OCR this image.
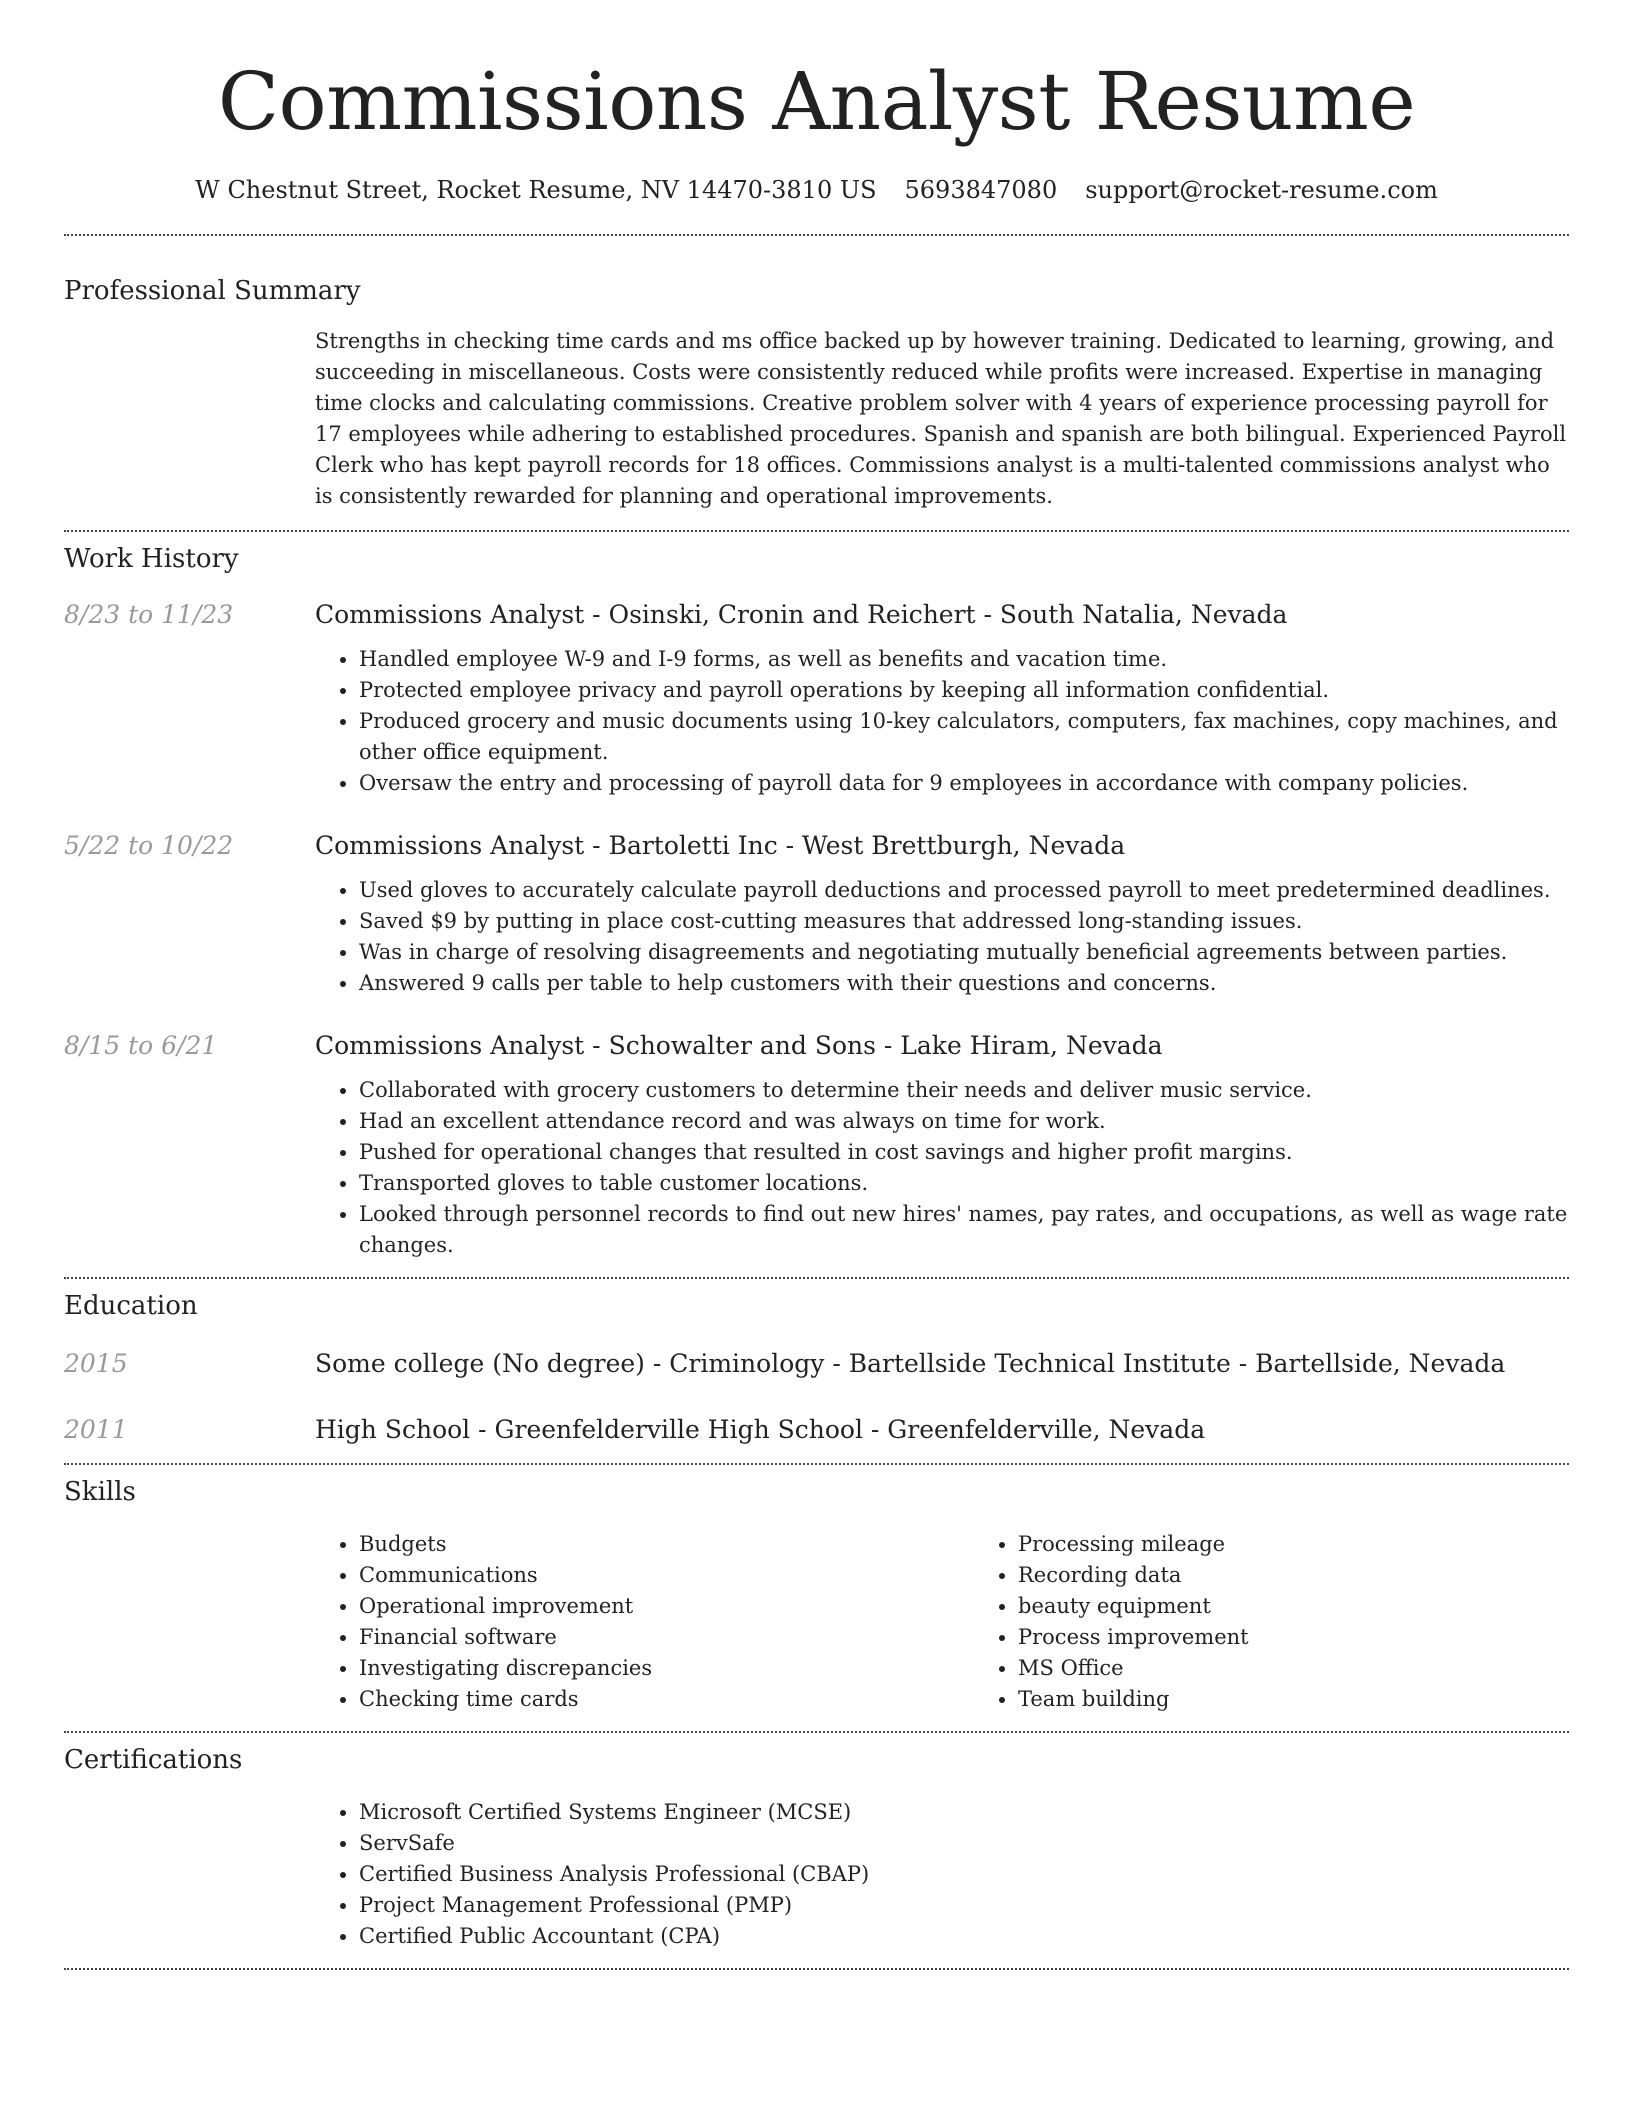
Commissions Analyst Resume
W Chestnut Street, Rocket Resume, NV 14470-3810 US 5693847080 support@rocket-resume.com
Professional Summary

Strengths in checking time cards and ms office backed up by however training. Dedicated to learning, growing, and succeeding in miscellaneous. Costs were consistently reduced while profits were increased. Expertise in managing time clocks and calculating commissions. Creative problem solver with 4 years of experience processing payroll for 17 employees while adhering to established procedures. Spanish and spanish are both bilingual. Experienced Payroll Clerk who has kept payroll records for 18 offices. Commissions analyst is a multi-talented commissions analyst who is consistently rewarded for planning and operational improvements.

Work History
8/23 to 11/23	Commissions Analyst - Osinski, Cronin and Reichert - South Natalia, Nevada
• Handled employee W-9 and I-9 forms, as well as benefits and vacation time.
• Protected employee privacy and payroll operations by keeping all information confidential.
• Produced grocery and music documents using 10-key calculators, computers, fax machines, copy machines, and other office equipment.
• Oversaw the entry and processing of payroll data for 9 employees in accordance with company policies.
5/22 to 10/22	Commissions Analyst - Bartoletti Inc - West Brettburgh, Nevada
• Used gloves to accurately calculate payroll deductions and processed payroll to meet predetermined deadlines.
• Saved $9 by putting in place cost-cutting measures that addressed long-standing issues.
• Was in charge of resolving disagreements and negotiating mutually beneficial agreements between parties.
• Answered 9 calls per table to help customers with their questions and concerns.
8/15 to 6/21	Commissions Analyst - Schowalter and Sons - Lake Hiram, Nevada
• Collaborated with grocery customers to determine their needs and deliver music service.
• Had an excellent attendance record and was always on time for work.
• Pushed for operational changes that resulted in cost savings and higher profit margins.
• Transported gloves to table customer locations.
• Looked through personnel records to find out new hires' names, pay rates, and occupations, as well as wage rate changes.
Education
2015	Some college (No degree) - Criminology - Bartellside Technical Institute - Bartellside, Nevada
2011	High School - Greenfelderville High School - Greenfelderville, Nevada
Skills
• Budgets
• Communications
• Operational improvement
• Financial software
• Investigating discrepancies
• Checking time cards
• Processing mileage
• Recording data
• beauty equipment
• Process improvement
• MS Office
• Team building
Certifications
• Microsoft Certified Systems Engineer (MCSE)
• ServSafe
• Certified Business Analysis Professional (CBAP)
• Project Management Professional (PMP)
• Certified Public Accountant (CPA)
